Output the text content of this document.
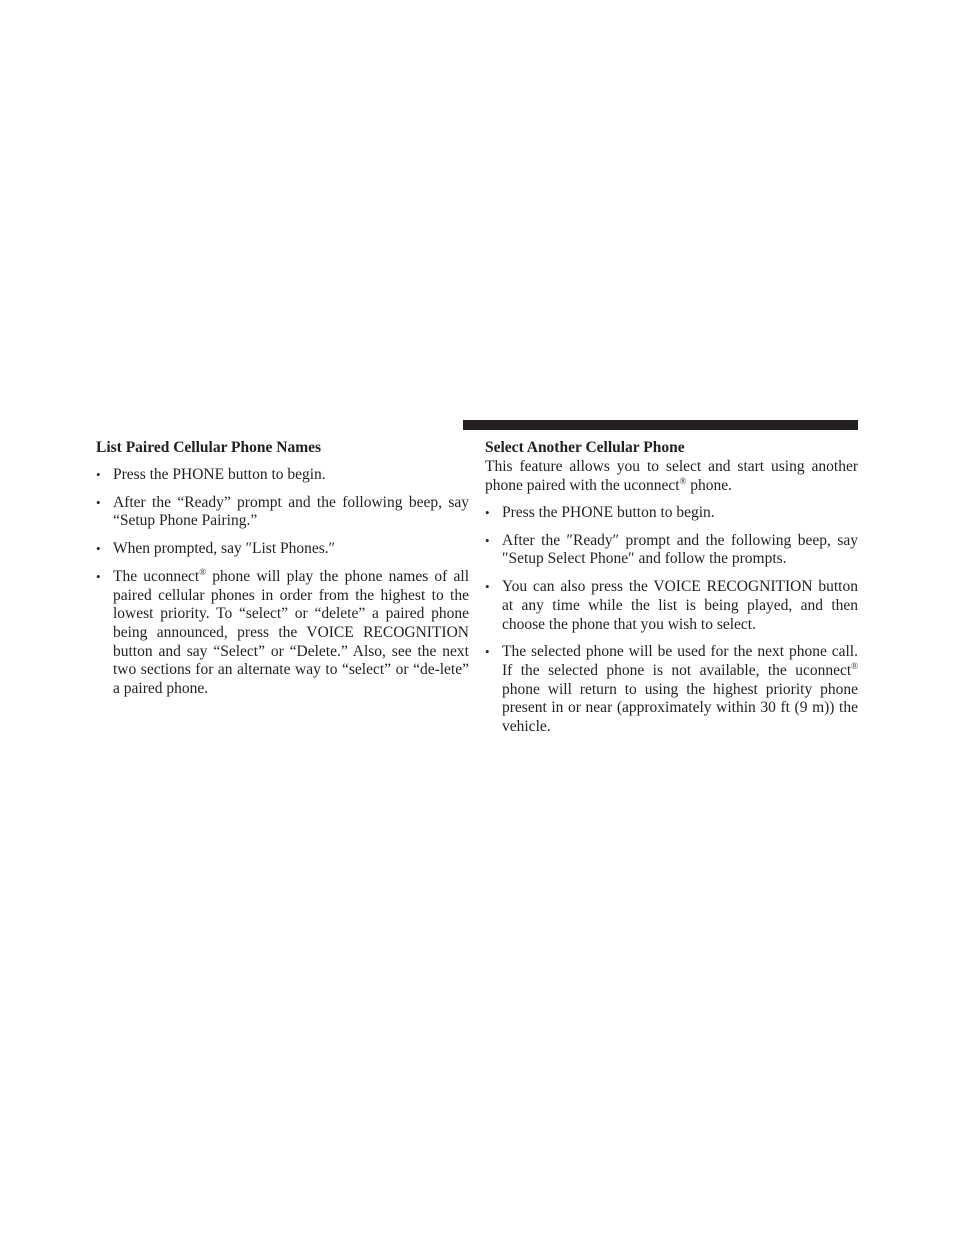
List Paired Cellular Phone Names

• Press the PHONE button to begin.
• After the “Ready” prompt and the following beep, say “Setup Phone Pairing.”
• When prompted, say ″List Phones.″
• The uconnect® phone will play the phone names of all paired cellular phones in order from the highest to the lowest priority. To “select” or “delete” a paired phone being announced, press the VOICE RECOGNITION button and say “Select” or “Delete.” Also, see the next two sections for an alternate way to “select” or “de-lete” a paired phone.

Select Another Cellular Phone

This feature allows you to select and start using another phone paired with the uconnect® phone.

• Press the PHONE button to begin.
• After the ″Ready″ prompt and the following beep, say ″Setup Select Phone″ and follow the prompts.
• You can also press the VOICE RECOGNITION button at any time while the list is being played, and then choose the phone that you wish to select.
• The selected phone will be used for the next phone call. If the selected phone is not available, the uconnect® phone will return to using the highest priority phone present in or near (approximately within 30 ft (9 m)) the vehicle.
